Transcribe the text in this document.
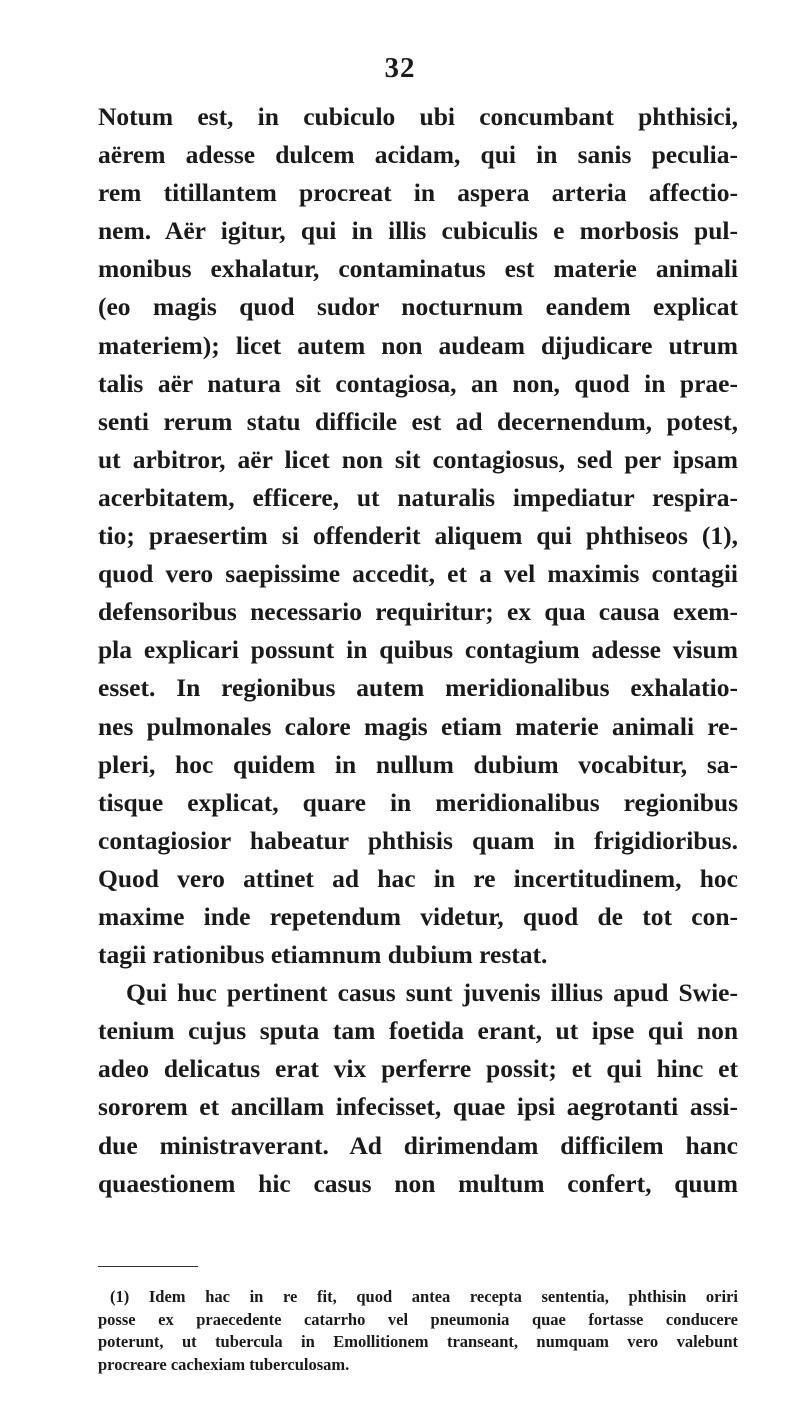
32
Notum est, in cubiculo ubi concumbant phthisici,
aërem adesse dulcem acidam, qui in sanis peculia-
rem titillantem procreat in aspera arteria affectio-
nem. Aër igitur, qui in illis cubiculis e morbosis pul-
monibus exhalatur, contaminatus est materie animali
(eo magis quod sudor nocturnum eandem explicat
materiem); licet autem non audeam dijudicare utrum
talis aër natura sit contagiosa, an non, quod in prae-
senti rerum statu difficile est ad decernendum, potest,
ut arbitror, aër licet non sit contagiosus, sed per ipsam
acerbitatem, efficere, ut naturalis impediatur respira-
tio; praesertim si offenderit aliquem qui phthiseos (1),
quod vero saepissime accedit, et a vel maximis contagii
defensoribus necessario requiritur; ex qua causa exem-
pla explicari possunt in quibus contagium adesse visum
esset. In regionibus autem meridionalibus exhalatio-
nes pulmonales calore magis etiam materie animali re-
pleri, hoc quidem in nullum dubium vocabitur, sa-
tisque explicat, quare in meridionalibus regionibus
contagiosior habeatur phthisis quam in frigidioribus.
Quod vero attinet ad hac in re incertitudinem, hoc
maxime inde repetendum videtur, quod de tot con-
tagii rationibus etiamnum dubium restat.
Qui huc pertinent casus sunt juvenis illius apud Swie-
tenium cujus sputa tam foetida erant, ut ipse qui non
adeo delicatus erat vix perferre possit; et qui hinc et
sororem et ancillam infecisset, quae ipsi aegrotanti assi-
due ministraverant. Ad dirimendam difficilem hanc
quaestionem hic casus non multum confert, quum
(1) Idem hac in re fit, quod antea recepta sententia, phthisin oriri
posse ex praecedente catarrho vel pneumonia quae fortasse conducere
poterunt, ut tubercula in Emollitionem transeant, numquam vero valebunt
procreare cachexiam tuberculosam.
